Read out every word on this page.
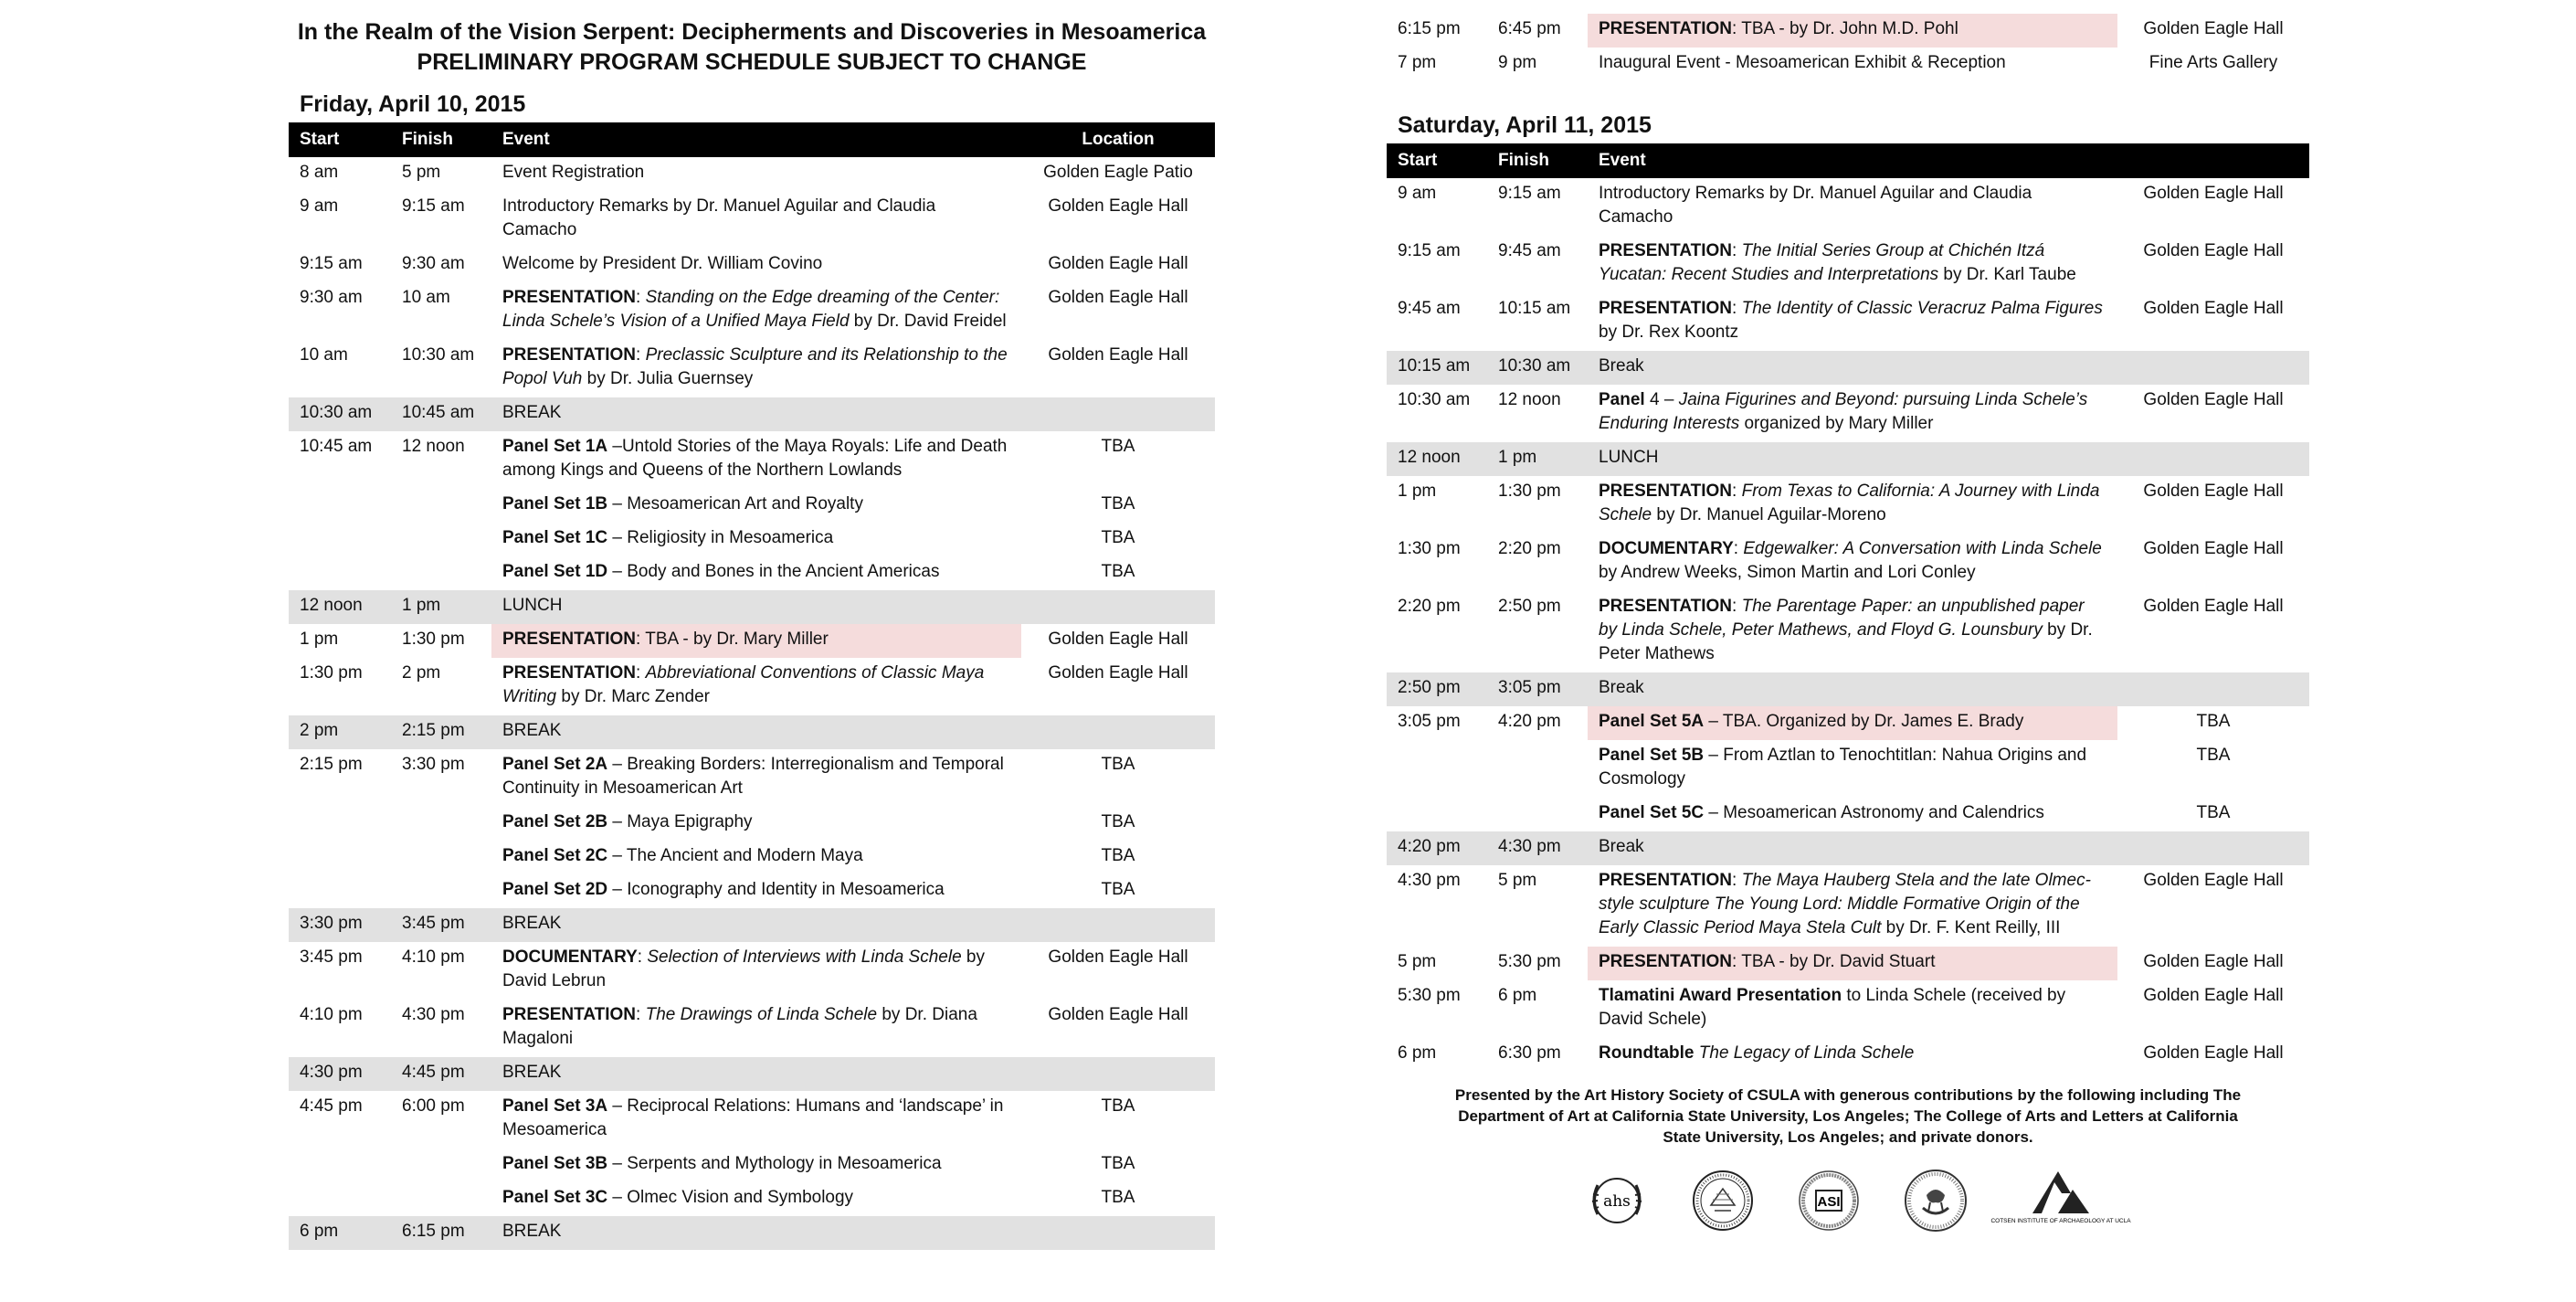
In the Realm of the Vision Serpent: Decipherments and Discoveries in Mesoamerica
PRELIMINARY PROGRAM SCHEDULE SUBJECT TO CHANGE
Friday, April 10, 2015
Start	Finish	Event	Location
8 am	5 pm	Event Registration	Golden Eagle Patio
9 am	9:15 am	Introductory Remarks by Dr. Manuel Aguilar and Claudia Camacho	Golden Eagle Hall
9:15 am	9:30 am	Welcome by President Dr. William Covino	Golden Eagle Hall
9:30 am	10 am	PRESENTATION: Standing on the Edge dreaming of the Center: Linda Schele’s Vision of a Unified Maya Field by Dr. David Freidel	Golden Eagle Hall
10 am	10:30 am	PRESENTATION: Preclassic Sculpture and its Relationship to the Popol Vuh by Dr. Julia Guernsey	Golden Eagle Hall
10:30 am	10:45 am	BREAK	
10:45 am	12 noon	Panel Set 1A –Untold Stories of the Maya Royals: Life and Death among Kings and Queens of the Northern Lowlands	TBA
		Panel Set 1B – Mesoamerican Art and Royalty	TBA
		Panel Set 1C – Religiosity in Mesoamerica	TBA
		Panel Set 1D – Body and Bones in the Ancient Americas	TBA
12 noon	1 pm	LUNCH	
1 pm	1:30 pm	PRESENTATION: TBA - by Dr. Mary Miller	Golden Eagle Hall
1:30 pm	2 pm	PRESENTATION: Abbreviational Conventions of Classic Maya Writing by Dr. Marc Zender	Golden Eagle Hall
2 pm	2:15 pm	BREAK	
2:15 pm	3:30 pm	Panel Set 2A – Breaking Borders: Interregionalism and Temporal Continuity in Mesoamerican Art	TBA
		Panel Set 2B – Maya Epigraphy	TBA
		Panel Set 2C – The Ancient and Modern Maya	TBA
		Panel Set 2D – Iconography and Identity in Mesoamerica	TBA
3:30 pm	3:45 pm	BREAK	
3:45 pm	4:10 pm	DOCUMENTARY: Selection of Interviews with Linda Schele by David Lebrun	Golden Eagle Hall
4:10 pm	4:30 pm	PRESENTATION: The Drawings of Linda Schele by Dr. Diana Magaloni	Golden Eagle Hall
4:30 pm	4:45 pm	BREAK	
4:45 pm	6:00 pm	Panel Set 3A – Reciprocal Relations: Humans and ‘landscape’ in Mesoamerica	TBA
		Panel Set 3B – Serpents and Mythology in Mesoamerica	TBA
		Panel Set 3C – Olmec Vision and Symbology	TBA
6 pm	6:15 pm	BREAK	
6:15 pm	6:45 pm	PRESENTATION: TBA - by Dr. John M.D. Pohl	Golden Eagle Hall
7 pm	9 pm	Inaugural Event - Mesoamerican Exhibit & Reception	Fine Arts Gallery
Saturday, April 11, 2015
Start	Finish	Event	
9 am	9:15 am	Introductory Remarks by Dr. Manuel Aguilar and Claudia Camacho	Golden Eagle Hall
9:15 am	9:45 am	PRESENTATION: The Initial Series Group at Chichén Itzá Yucatan: Recent Studies and Interpretations by Dr. Karl Taube	Golden Eagle Hall
9:45 am	10:15 am	PRESENTATION: The Identity of Classic Veracruz Palma Figures by Dr. Rex Koontz	Golden Eagle Hall
10:15 am	10:30 am	Break	
10:30 am	12 noon	Panel 4 – Jaina Figurines and Beyond: pursuing Linda Schele’s Enduring Interests organized by Mary Miller	Golden Eagle Hall
12 noon	1 pm	LUNCH	
1 pm	1:30 pm	PRESENTATION: From Texas to California: A Journey with Linda Schele by Dr. Manuel Aguilar-Moreno	Golden Eagle Hall
1:30 pm	2:20 pm	DOCUMENTARY: Edgewalker: A Conversation with Linda Schele by Andrew Weeks, Simon Martin and Lori Conley	Golden Eagle Hall
2:20 pm	2:50 pm	PRESENTATION: The Parentage Paper: an unpublished paper by Linda Schele, Peter Mathews, and Floyd G. Lounsbury by Dr. Peter Mathews	Golden Eagle Hall
2:50 pm	3:05 pm	Break	
3:05 pm	4:20 pm	Panel Set 5A – TBA. Organized by Dr. James E. Brady	TBA
		Panel Set 5B – From Aztlan to Tenochtitlan: Nahua Origins and Cosmology	TBA
		Panel Set 5C – Mesoamerican Astronomy and Calendrics	TBA
4:20 pm	4:30 pm	Break	
4:30 pm	5 pm	PRESENTATION: The Maya Hauberg Stela and the late Olmec-style sculpture The Young Lord: Middle Formative Origin of the Early Classic Period Maya Stela Cult by Dr. F. Kent Reilly, III	Golden Eagle Hall
5 pm	5:30 pm	PRESENTATION: TBA - by Dr. David Stuart	Golden Eagle Hall
5:30 pm	6 pm	Tlamatini Award Presentation to Linda Schele (received by David Schele)	Golden Eagle Hall
6 pm	6:30 pm	Roundtable The Legacy of Linda Schele	Golden Eagle Hall
Presented by the Art History Society of CSULA with generous contributions by the following including The Department of Art at California State University, Los Angeles; The College of Arts and Letters at California State University, Los Angeles; and private donors.
ahs	ASI
COTSEN INSTITUTE OF ARCHAEOLOGY AT UCLA
